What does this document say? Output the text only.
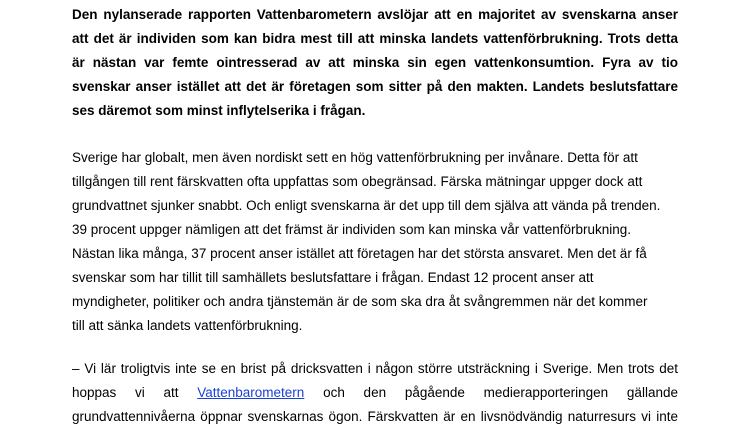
Den nylanserade rapporten Vattenbarometern avslöjar att en majoritet av svenskarna anser
att det är individen som kan bidra mest till att minska landets vattenförbrukning. Trots detta
är nästan var femte ointresserad av att minska sin egen vattenkonsumtion. Fyra av tio
svenskar anser istället att det är företagen som sitter på den makten. Landets beslutsfattare
ses däremot som minst inflytelserika i frågan.
Sverige har globalt, men även nordiskt sett en hög vattenförbrukning per invånare. Detta för att
tillgången till rent färskvatten ofta uppfattas som obegränsad. Färska mätningar uppger dock att
grundvattnet sjunker snabbt. Och enligt svenskarna är det upp till dem själva att vända på trenden.
39 procent uppger nämligen att det främst är individen som kan minska vår vattenförbrukning.
Nästan lika många, 37 procent anser istället att företagen har det största ansvaret. Men det är få
svenskar som har tillit till samhällets beslutsfattare i frågan. Endast 12 procent anser att
myndigheter, politiker och andra tjänstemän är de som ska dra åt svångremmen när det kommer
till att sänka landets vattenförbrukning.
– Vi lär troligtvis inte se en brist på dricksvatten i någon större utsträckning i Sverige. Men trots det
hoppas vi att Vattenbarometern och den pågående medierapporteringen gällande
grundvattennivåerna öppnar svenskarnas ögon. Färskvatten är en livsnödvändig naturresurs vi inte
